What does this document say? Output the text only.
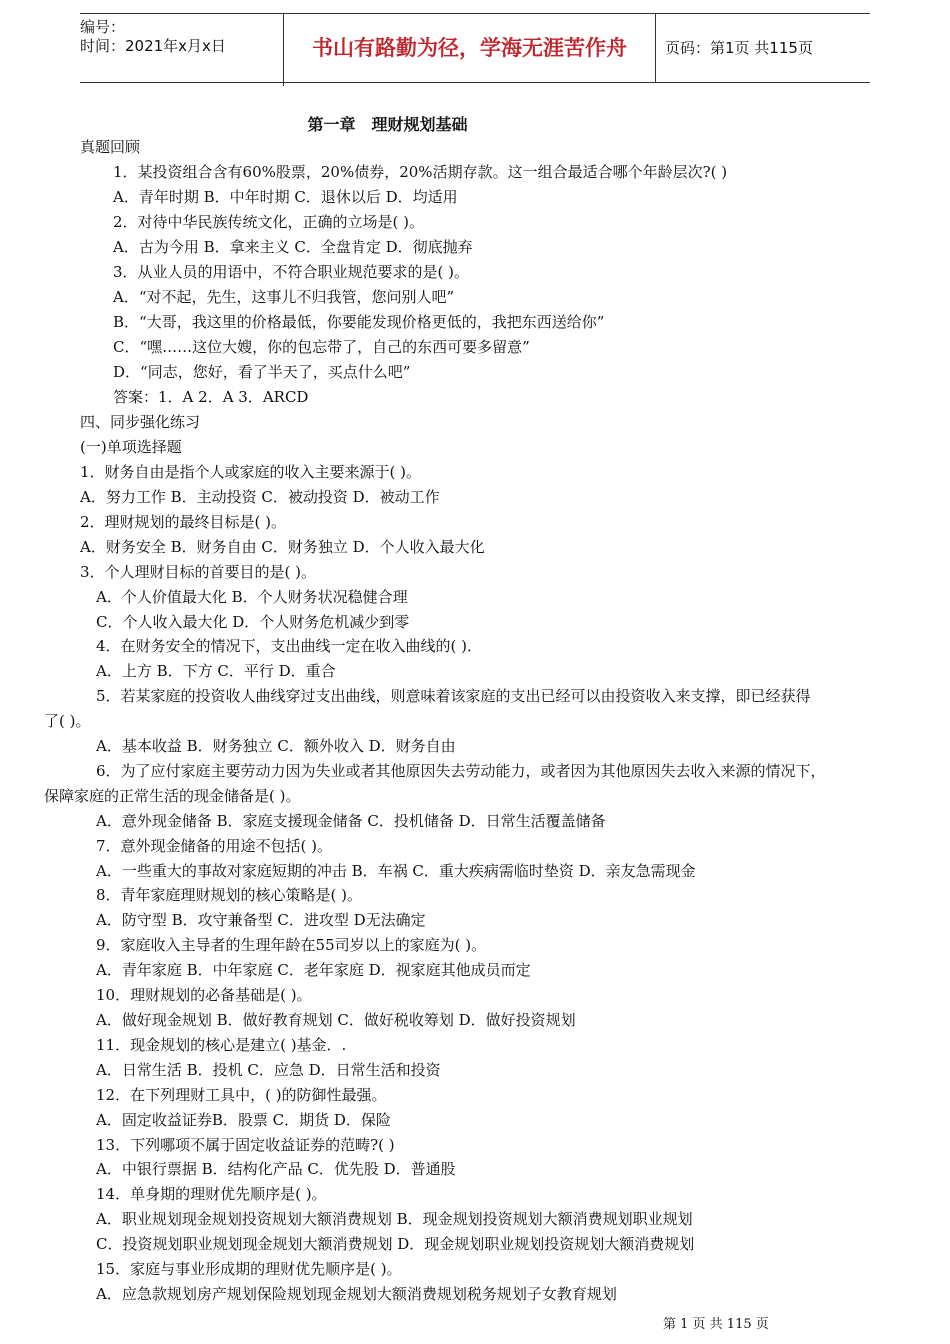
编号：
时间：2021年x月x日	书山有路勤为径，学海无涯苦作舟	页码：第1页 共115页
第一章　理财规划基础
真题回顾
1．某投资组合含有60%股票，20%债券，20%活期存款。这一组合最适合哪个年龄层次?( )
A．青年时期 B．中年时期 C．退休以后 D．均适用
2．对待中华民族传统文化，正确的立场是( )。
A．古为今用 B．拿来主义 C．全盘肯定 D．彻底抛弃
3．从业人员的用语中，不符合职业规范要求的是( )。
A．“对不起，先生，这事儿不归我管，您问别人吧”
B．“大哥，我这里的价格最低，你要能发现价格更低的，我把东西送给你”
C．“嘿……这位大嫂，你的包忘带了，自己的东西可要多留意”
D．“同志，您好，看了半天了，买点什么吧”
答案：1．A 2．A 3．ARCD
四、同步强化练习
(一)单项选择题
1．财务自由是指个人或家庭的收入主要来源于( )。
A．努力工作 B．主动投资 C．被动投资 D．被动工作
2．理财规划的最终目标是( )。
A．财务安全 B．财务自由 C．财务独立 D．个人收入最大化
3．个人理财目标的首要目的是( )。
A．个人价值最大化 B．个人财务状况稳健合理
C．个人收入最大化 D．个人财务危机减少到零
4．在财务安全的情况下，支出曲线一定在收入曲线的( )．
A．上方 B．下方 C．平行 D．重合
5．若某家庭的投资收人曲线穿过支出曲线，则意味着该家庭的支出已经可以由投资收入来支撑，即已经获得
了( )。
A．基本收益 B．财务独立 C．额外收入 D．财务自由
6．为了应付家庭主要劳动力因为失业或者其他原因失去劳动能力，或者因为其他原因失去收入来源的情况下，
保障家庭的正常生活的现金储备是( )。
A．意外现金储备 B．家庭支援现金储备 C．投机储备 D．日常生活覆盖储备
7．意外现金储备的用途不包括( )。
A．一些重大的事故对家庭短期的冲击 B．车祸 C．重大疾病需临时垫资 D．亲友急需现金
8．青年家庭理财规划的核心策略是( )。
A．防守型 B．攻守兼备型 C．进攻型 D无法确定
9．家庭收入主导者的生理年龄在55司岁以上的家庭为( )。
A．青年家庭 B．中年家庭 C．老年家庭 D．视家庭其他成员而定
10．理财规划的必备基础是( )。
A．做好现金规划 B．做好教育规划 C．做好税收筹划 D．做好投资规划
11．现金规划的核心是建立( )基金．.
A．日常生活 B．投机 C．应急 D．日常生活和投资
12．在下列理财工具中，( )的防御性最强。
A．固定收益证券B．股票 C．期货 D．保险
13．下列哪项不属于固定收益证券的范畴?( )
A．中银行票据 B．结构化产品 C．优先股 D．普通股
14．单身期的理财优先顺序是( )。
A．职业规划现金规划投资规划大额消费规划 B．现金规划投资规划大额消费规划职业规划
C．投资规划职业规划现金规划大额消费规划 D．现金规划职业规划投资规划大额消费规划
15．家庭与事业形成期的理财优先顺序是( )。
A．应急款规划房产规划保险规划现金规划大额消费规划税务规划子女教育规划
第 1 页 共 115 页
